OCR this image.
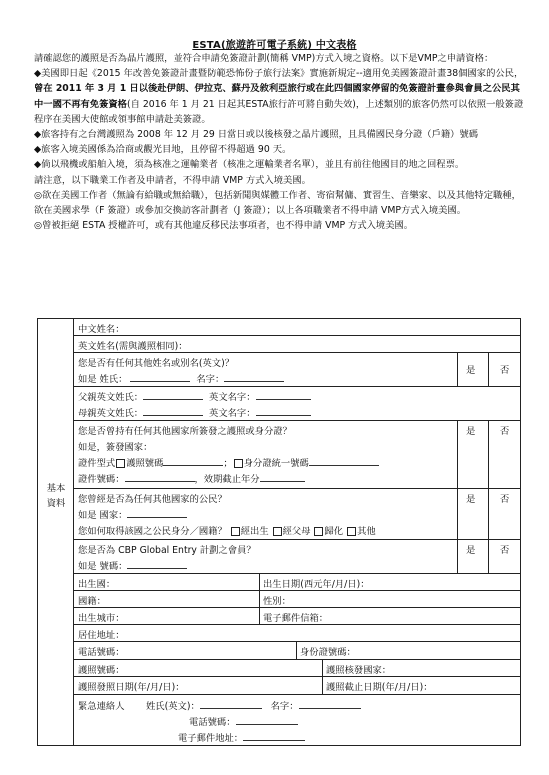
ESTA(旅遊許可電子系統) 中文表格

請確認您的護照是否為晶片護照，並符合申請免簽證計劃(簡稱 VMP)方式入境之資格。以下是VMP之申請資格：

◆美國即日起《2015 年改善免簽證計畫暨防範恐怖份子旅行法案》實施新規定--適用免美國簽證計畫38個國家的公民，曾在 2011 年 3 月 1 日以後赴伊朗、伊拉克、蘇丹及敘利亞旅行或在此四個國家停留的免簽證計畫參與會員之公民其中一國不再有免簽資格(自 2016 年 1 月 21 日起其ESTA旅行許可將自動失效)，上述類別的旅客仍然可以依照一般簽證程序在美國大使館或領事館申請赴美簽證。

◆旅客持有之台灣護照為 2008 年 12 月 29 日當日或以後核發之晶片護照，且具備國民身分證（戶籍）號碼

◆旅客入境美國係為洽商或觀光目地，且停留不得超過 90 天。

◆倘以飛機或船舶入境，須為核准之運輸業者（核准之運輸業者名單），並且有前往他國目的地之回程票。

請注意，以下職業工作者及申請者，不得申請 VMP 方式入境美國。

◎欲在美國工作者（無論有給職或無給職），包括新聞與媒體工作者、寄宿幫傭、實習生、音樂家、以及其他特定職種，欲在美國求學（F 簽證）或參加交換訪客計劃者（J 簽證）；以上各項職業者不得申請 VMP方式入境美國。

◎曾被拒絕 ESTA 授權許可，或有其他違反移民法事項者，也不得申請 VMP 方式入境美國。

基本
資料
中文姓名：
英文姓名(需與護照相同)：
您是否有任何其他姓名或別名(英文)？
如是 姓氏：	名字：
是	否
父親英文姓氏：	英文名字：
母親英文姓氏：	英文名字：
您是否曾持有任何其他國家所簽發之護照或身分證？
如是，簽發國家：
證件型式 護照號碼	； 身分證統一號碼
證件號碼：	，效期截止年分
是	否
您曾經是否為任何其他國家的公民？
如是 國家：
您如何取得該國之公民身分／國籍？ 經出生 經父母 歸化 其他
是	否
您是否為 CBP Global Entry 計劃之會員？
如是 號碼：
是	否
出生國：	出生日期(西元年/月/日)：
國籍：	性別：
出生城市：	電子郵件信箱：
居住地址：
電話號碼：	身份證號碼：
護照號碼：	護照核發國家：
護照發照日期(年/月/日)：	護照截止日期(年/月/日)：
緊急連絡人 姓氏(英文)：	名字：
電話號碼：
電子郵件地址：
